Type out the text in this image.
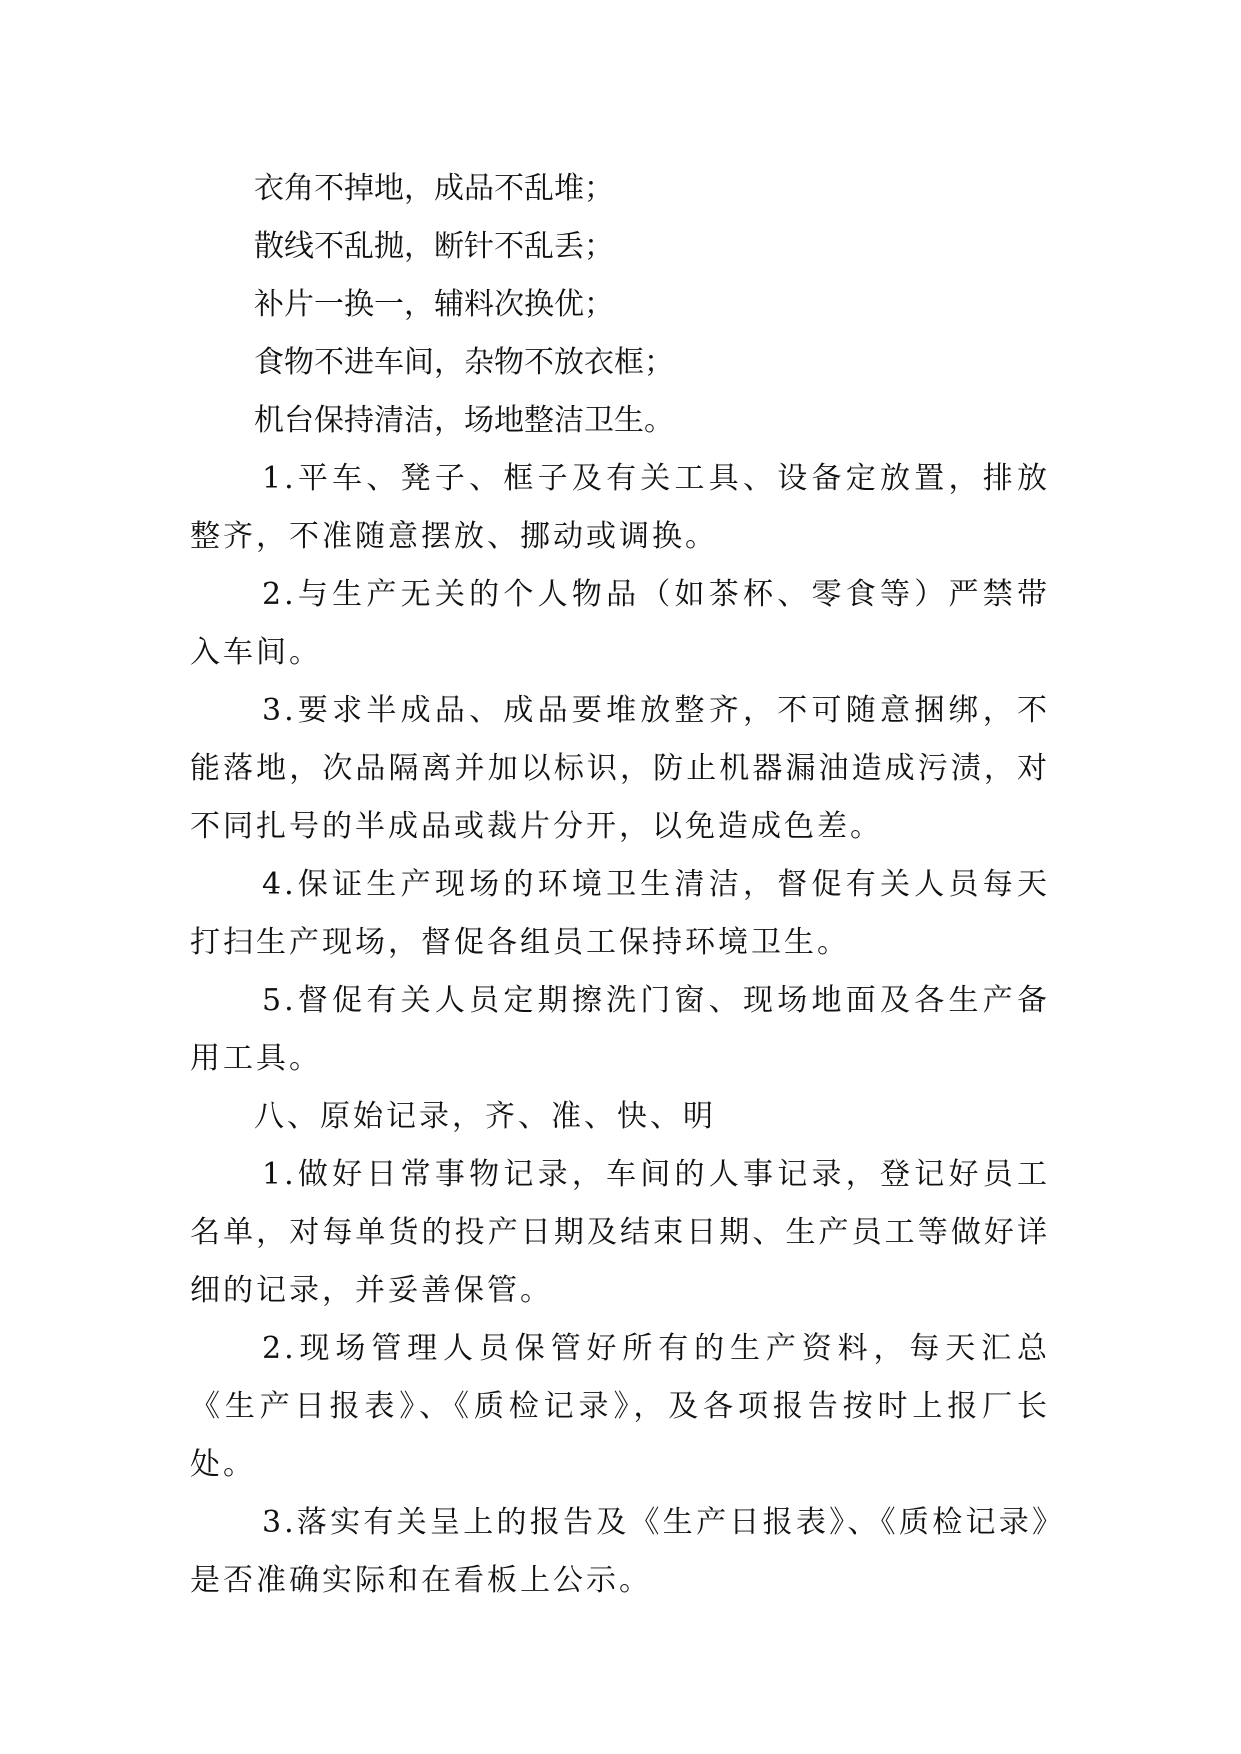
衣角不掉地，成品不乱堆；
散线不乱抛，断针不乱丢；
补片一换一，辅料次换优；
食物不进车间，杂物不放衣框；
机台保持清洁，场地整洁卫生。

1.平车、凳子、框子及有关工具、设备定放置，排放整齐，不准随意摆放、挪动或调换。

2.与生产无关的个人物品（如茶杯、零食等）严禁带入车间。

3.要求半成品、成品要堆放整齐，不可随意捆绑，不能落地，次品隔离并加以标识，防止机器漏油造成污渍，对不同扎号的半成品或裁片分开，以免造成色差。

4.保证生产现场的环境卫生清洁，督促有关人员每天打扫生产现场，督促各组员工保持环境卫生。

5.督促有关人员定期擦洗门窗、现场地面及各生产备用工具。

八、原始记录，齐、准、快、明

1.做好日常事物记录，车间的人事记录，登记好员工名单，对每单货的投产日期及结束日期、生产员工等做好详细的记录，并妥善保管。

2.现场管理人员保管好所有的生产资料，每天汇总《生产日报表》、《质检记录》，及各项报告按时上报厂长处。

3.落实有关呈上的报告及《生产日报表》、《质检记录》是否准确实际和在看板上公示。
